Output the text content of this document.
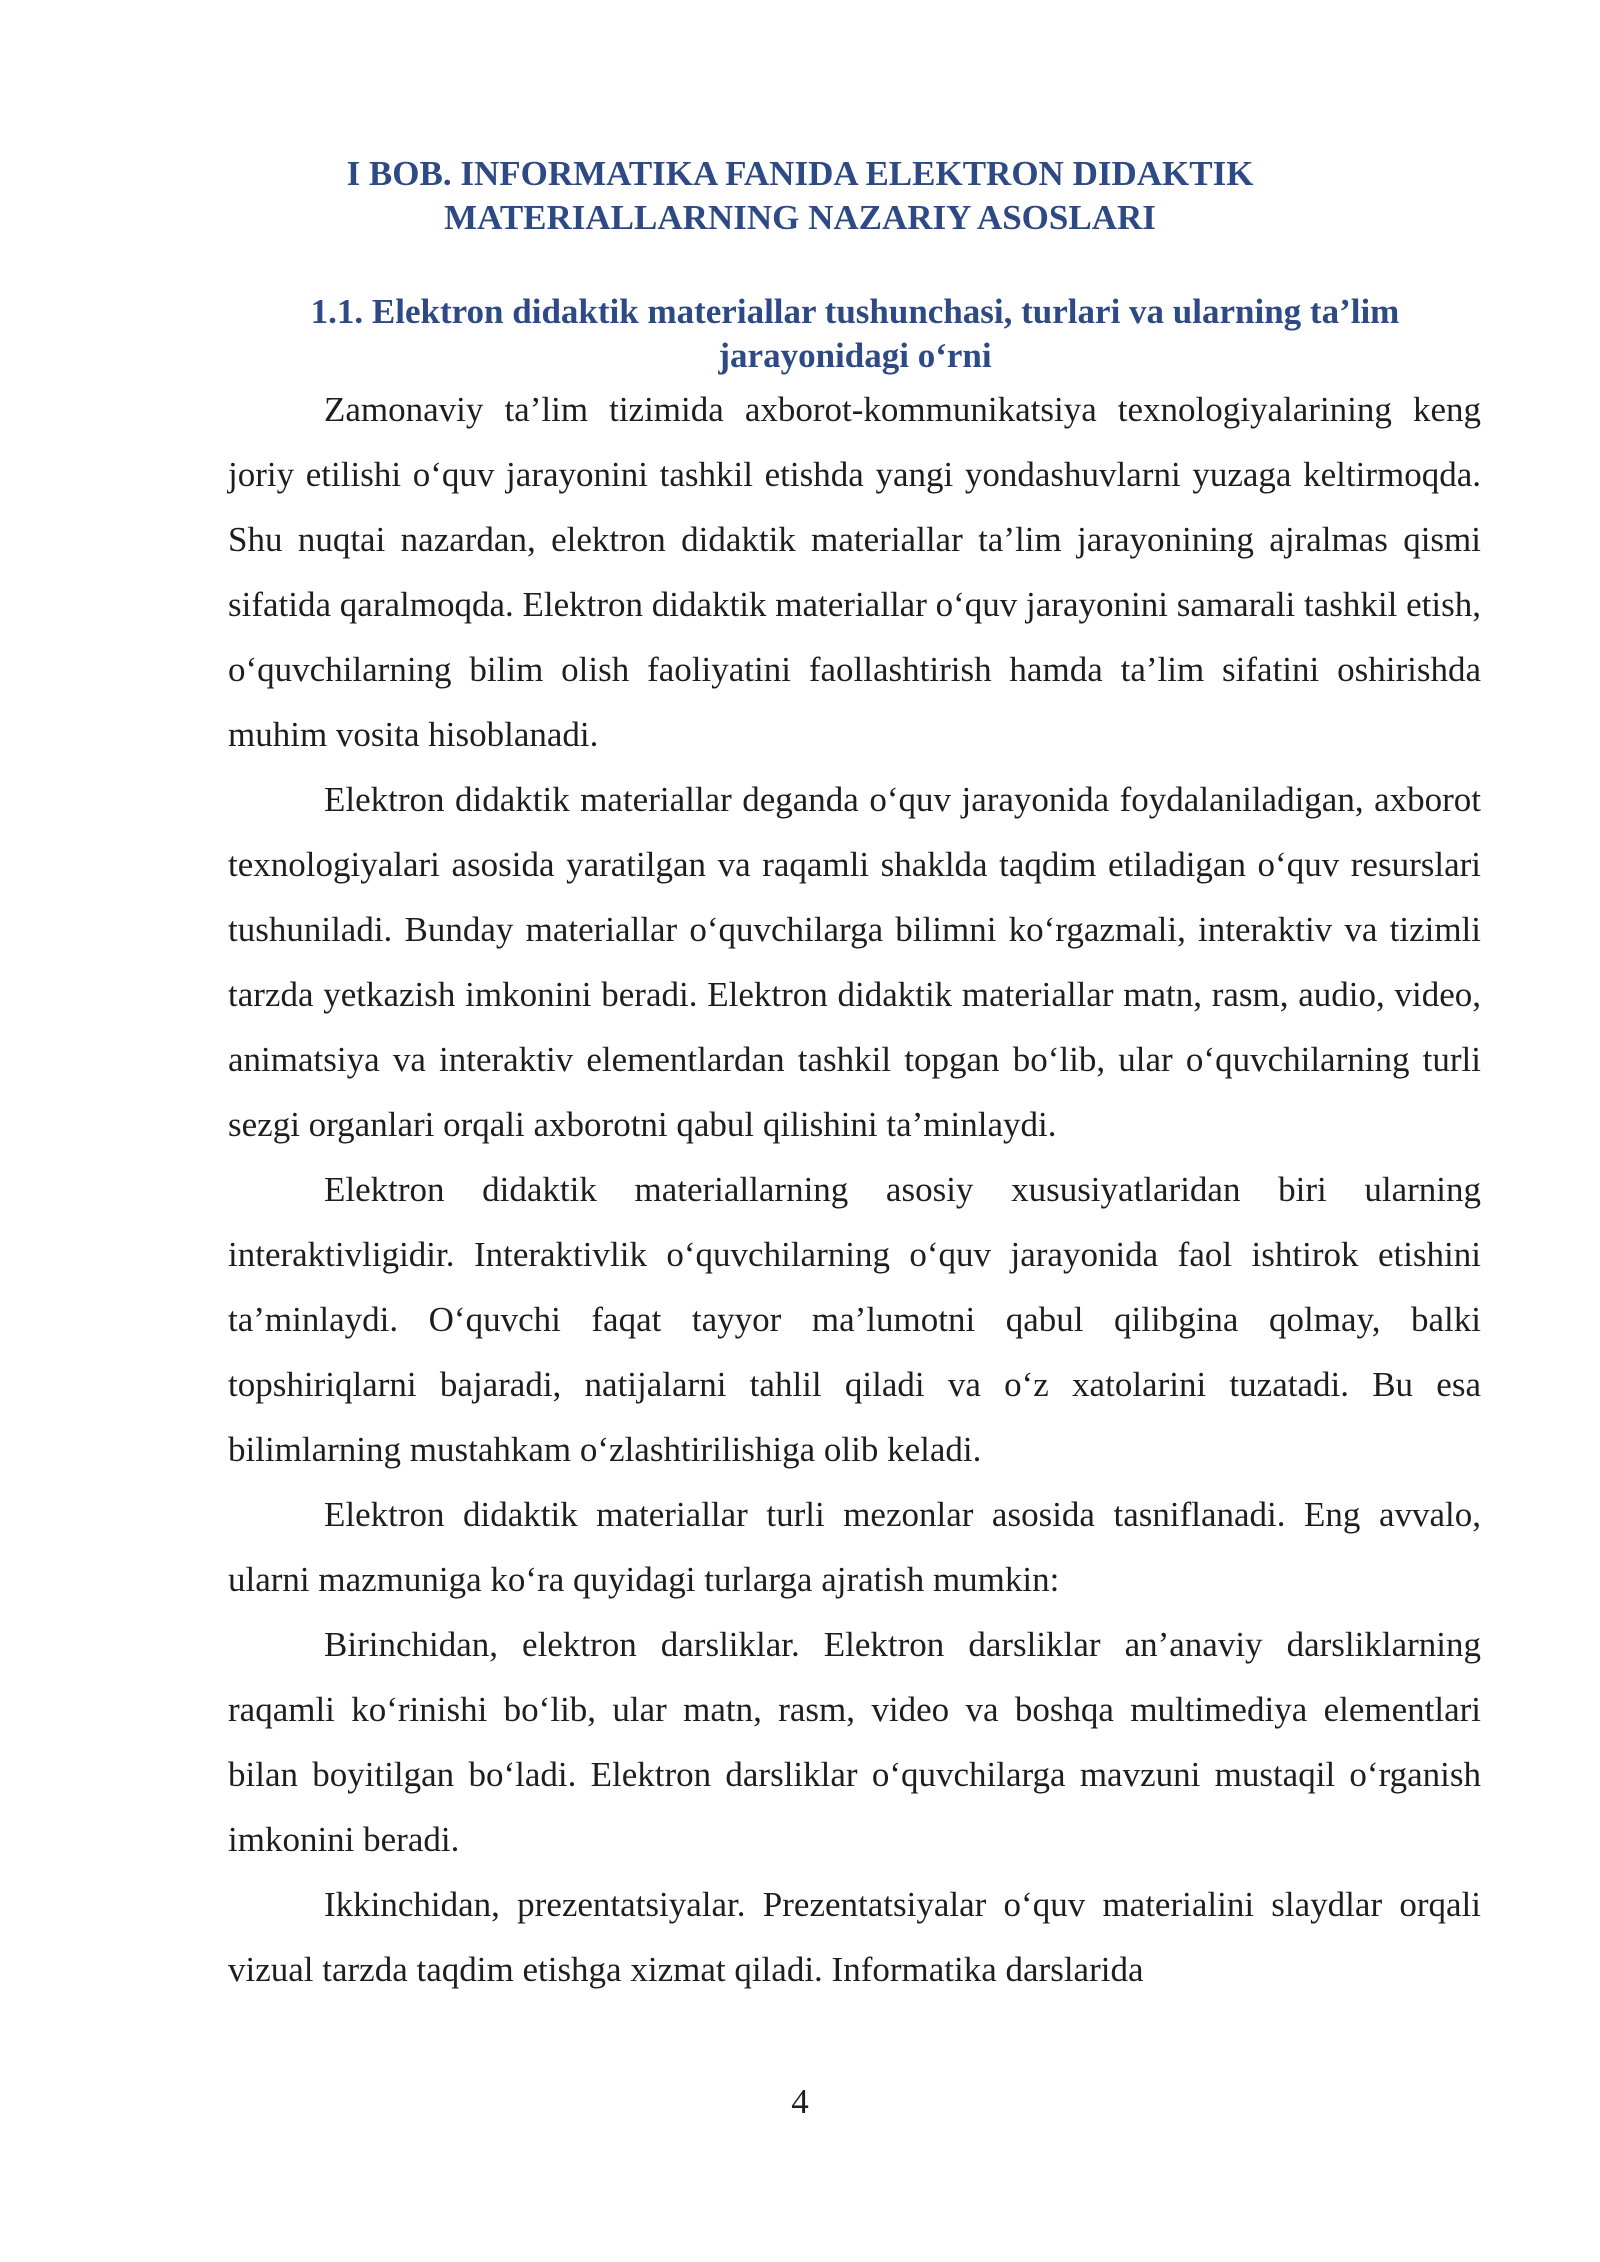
I BOB. INFORMATIKA FANIDA ELEKTRON DIDAKTIK
MATERIALLARNING NAZARIY ASOSLARI
1.1. Elektron didaktik materiallar tushunchasi, turlari va ularning ta’lim
jarayonidagi o‘rni

Zamonaviy ta’lim tizimida axborot-kommunikatsiya texnologiyalarining keng joriy etilishi o‘quv jarayonini tashkil etishda yangi yondashuvlarni yuzaga keltirmoqda. Shu nuqtai nazardan, elektron didaktik materiallar ta’lim jarayonining ajralmas qismi sifatida qaralmoqda. Elektron didaktik materiallar o‘quv jarayonini samarali tashkil etish, o‘quvchilarning bilim olish faoliyatini faollashtirish hamda ta’lim sifatini oshirishda muhim vosita hisoblanadi.

Elektron didaktik materiallar deganda o‘quv jarayonida foydalaniladigan, axborot texnologiyalari asosida yaratilgan va raqamli shaklda taqdim etiladigan o‘quv resurslari tushuniladi. Bunday materiallar o‘quvchilarga bilimni ko‘rgazmali, interaktiv va tizimli tarzda yetkazish imkonini beradi. Elektron didaktik materiallar matn, rasm, audio, video, animatsiya va interaktiv elementlardan tashkil topgan bo‘lib, ular o‘quvchilarning turli sezgi organlari orqali axborotni qabul qilishini ta’minlaydi.

Elektron didaktik materiallarning asosiy xususiyatlaridan biri ularning interaktivligidir. Interaktivlik o‘quvchilarning o‘quv jarayonida faol ishtirok etishini ta’minlaydi. O‘quvchi faqat tayyor ma’lumotni qabul qilibgina qolmay, balki topshiriqlarni bajaradi, natijalarni tahlil qiladi va o‘z xatolarini tuzatadi. Bu esa bilimlarning mustahkam o‘zlashtirilishiga olib keladi.

Elektron didaktik materiallar turli mezonlar asosida tasniflanadi. Eng avvalo, ularni mazmuniga ko‘ra quyidagi turlarga ajratish mumkin:

Birinchidan, elektron darsliklar. Elektron darsliklar an’anaviy darsliklarning raqamli ko‘rinishi bo‘lib, ular matn, rasm, video va boshqa multimediya elementlari bilan boyitilgan bo‘ladi. Elektron darsliklar o‘quvchilarga mavzuni mustaqil o‘rganish imkonini beradi.

Ikkinchidan, prezentatsiyalar. Prezentatsiyalar o‘quv materialini slaydlar orqali vizual tarzda taqdim etishga xizmat qiladi. Informatika darslarida

4
